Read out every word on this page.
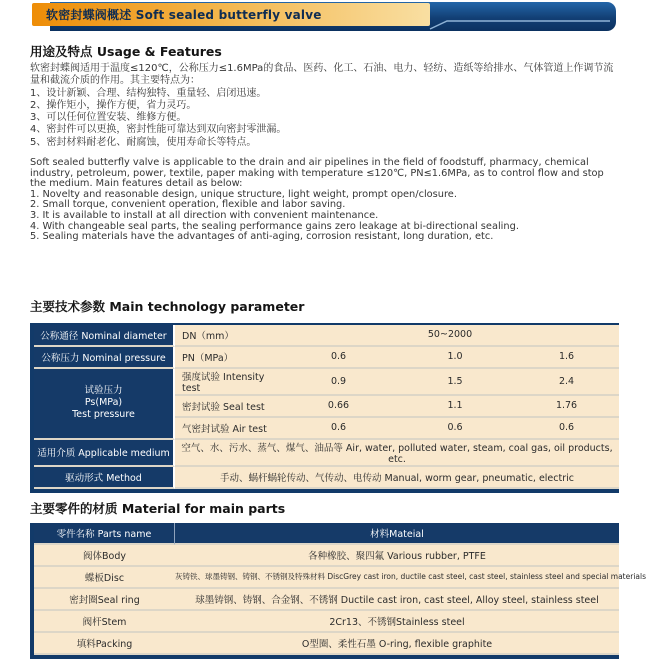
软密封蝶阀概述 Soft sealed butterfly valve
用途及特点 Usage & Features

软密封蝶阀适用于温度≤120℃，公称压力≤1.6MPa的食品、医药、化工、石油、电力、轻纺、造纸等给排水、气体管道上作调节流量和截流介质的作用。其主要特点为：

1、设计新颖、合理、结构独特、重量轻、启闭迅速。
2、操作矩小，操作方便，省力灵巧。
3、可以任何位置安装、维修方便。
4、密封件可以更换，密封性能可靠达到双向密封零泄漏。
5、密封材料耐老化、耐腐蚀，使用寿命长等特点。

Soft sealed butterfly valve is applicable to the drain and air pipelines in the field of foodstuff, pharmacy, chemical industry, petroleum, power, textile, paper making with temperature ≤120℃, PN≤1.6MPa, as to control flow and stop the medium. Main features detail as below:

1. Novelty and reasonable design, unique structure, light weight, prompt open/closure.
2. Small torque, convenient operation, flexible and labor saving.
3. It is available to install at all direction with convenient maintenance.
4. With changeable seal parts, the sealing performance gains zero leakage at bi-directional sealing.
5. Sealing materials have the advantages of anti-aging, corrosion resistant, long duration, etc.
主要技术参数 Main technology parameter
公称通径 Nominal diameter	DN（mm）	50~2000		
公称压力 Nominal pressure	PN（MPa）	0.6	1.0	1.6

试验压力
Ps(MPa)
Test pressure	强度试验 Intensity test	0.9	1.5	2.4
	密封试验 Seal test	0.66	1.1	1.76
	气密封试验 Air test	0.6	0.6	0.6
适用介质 Applicable medium	空气、水、污水、蒸气、煤气、油品等 Air, water, polluted water, steam, coal gas, oil products, etc.			
驱动形式 Method	手动、蜗杆蜗轮传动、气传动、电传动 Manual, worm gear, pneumatic, electric			
主要零件的材质 Material for main parts
零件名称 Parts name	材料Mateial
阀体Body	各种橡胶、聚四氟 Various rubber, PTFE
蝶板Disc	灰铸铁、球墨铸钢、铸钢、不锈钢及特殊材料 DiscGrey cast iron, ductile cast steel, cast steel, stainless steel and special materials
密封圈Seal ring	球墨铸钢、铸钢、合金钢、不锈钢 Ductile cast iron, cast steel, Alloy steel, stainless steel
阀杆Stem	2Cr13、不锈钢Stainless steel
填料Packing	O型圈、柔性石墨 O-ring, flexible graphite
